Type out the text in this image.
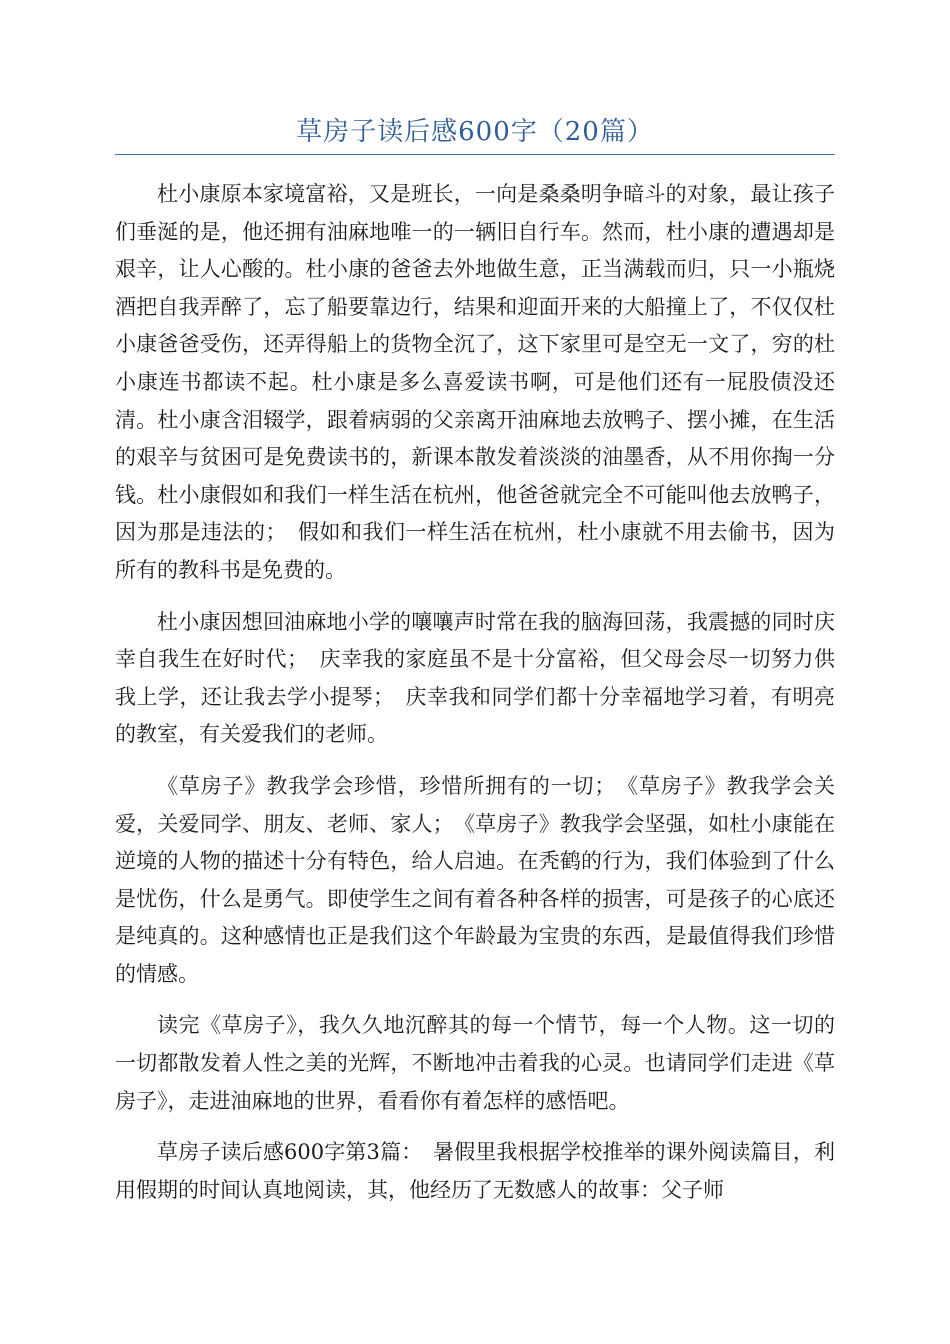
草房子读后感600字（20篇）

杜小康原本家境富裕，又是班长，一向是桑桑明争暗斗的对象，最让孩子们垂涎的是，他还拥有油麻地唯一的一辆旧自行车。然而，杜小康的遭遇却是艰辛，让人心酸的。杜小康的爸爸去外地做生意，正当满载而归，只一小瓶烧酒把自我弄醉了，忘了船要靠边行，结果和迎面开来的大船撞上了，不仅仅杜小康爸爸受伤，还弄得船上的货物全沉了，这下家里可是空无一文了，穷的杜小康连书都读不起。杜小康是多么喜爱读书啊，可是他们还有一屁股债没还清。杜小康含泪辍学，跟着病弱的父亲离开油麻地去放鸭子、摆小摊，在生活的艰辛与贫困可是免费读书的，新课本散发着淡淡的油墨香，从不用你掏一分钱。杜小康假如和我们一样生活在杭州，他爸爸就完全不可能叫他去放鸭子，因为那是违法的；　假如和我们一样生活在杭州，杜小康就不用去偷书，因为所有的教科书是免费的。

杜小康因想回油麻地小学的嚷嚷声时常在我的脑海回荡，我震撼的同时庆幸自我生在好时代；　庆幸我的家庭虽不是十分富裕，但父母会尽一切努力供我上学，还让我去学小提琴；　庆幸我和同学们都十分幸福地学习着，有明亮的教室，有关爱我们的老师。

《草房子》教我学会珍惜，珍惜所拥有的一切；　《草房子》教我学会关爱，关爱同学、朋友、老师、家人；　《草房子》教我学会坚强，如杜小康能在逆境的人物的描述十分有特色，给人启迪。在秃鹤的行为，我们体验到了什么是忧伤，什么是勇气。即使学生之间有着各种各样的损害，可是孩子的心底还是纯真的。这种感情也正是我们这个年龄最为宝贵的东西，是最值得我们珍惜的情感。

读完《草房子》，我久久地沉醉其的每一个情节，每一个人物。这一切的一切都散发着人性之美的光辉，不断地冲击着我的心灵。也请同学们走进《草房子》，走进油麻地的世界，看看你有着怎样的感悟吧。

草房子读后感600字第3篇：　暑假里我根据学校推举的课外阅读篇目，利用假期的时间认真地阅读，其，他经历了无数感人的故事：父子师
